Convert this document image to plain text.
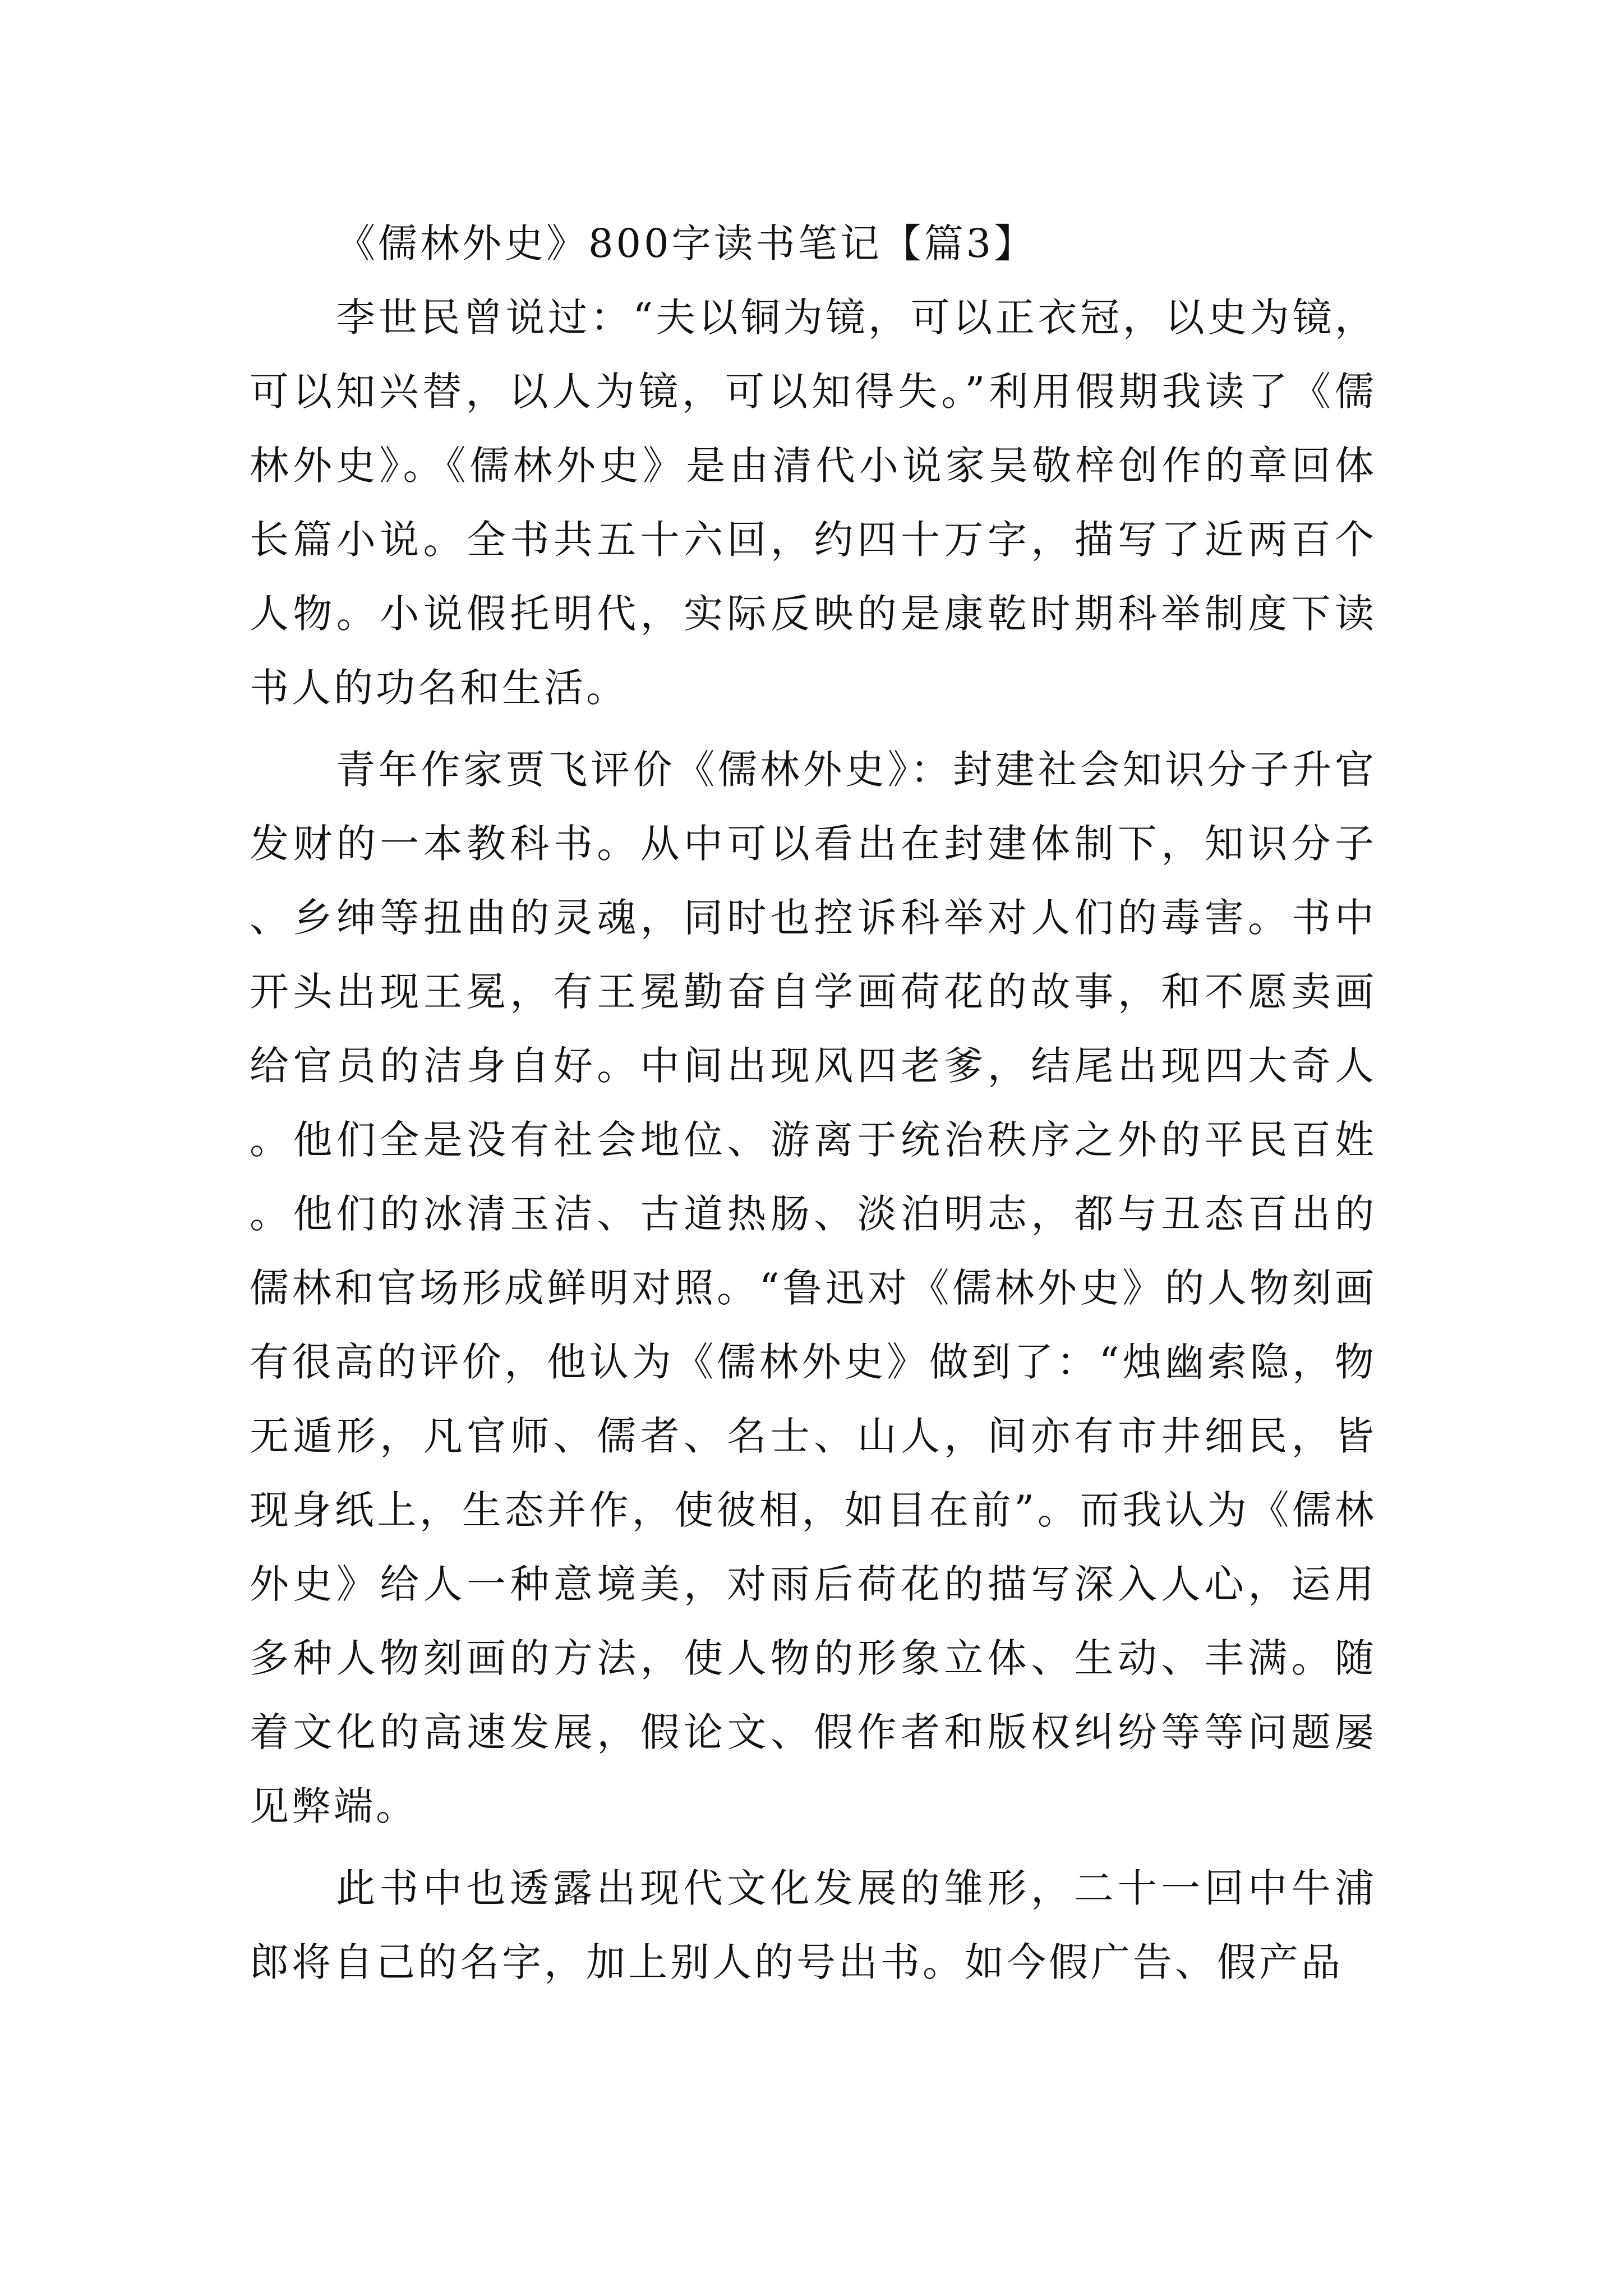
《儒林外史》800字读书笔记【篇3】

李世民曾说过：“夫以铜为镜，可以正衣冠，以史为镜，可以知兴替，以人为镜，可以知得失。”利用假期我读了《儒林外史》。《儒林外史》是由清代小说家吴敬梓创作的章回体长篇小说。全书共五十六回，约四十万字，描写了近两百个人物。小说假托明代，实际反映的是康乾时期科举制度下读书人的功名和生活。

青年作家贾飞评价《儒林外史》：封建社会知识分子升官发财的一本教科书。从中可以看出在封建体制下，知识分子、乡绅等扭曲的灵魂，同时也控诉科举对人们的毒害。书中开头出现王冕，有王冕勤奋自学画荷花的故事，和不愿卖画给官员的洁身自好。中间出现风四老爹，结尾出现四大奇人。他们全是没有社会地位、游离于统治秩序之外的平民百姓。他们的冰清玉洁、古道热肠、淡泊明志，都与丑态百出的儒林和官场形成鲜明对照。“鲁迅对《儒林外史》的人物刻画有很高的评价，他认为《儒林外史》做到了：“烛幽索隐，物无遁形，凡官师、儒者、名士、山人，间亦有市井细民，皆现身纸上，生态并作，使彼相，如目在前”。而我认为《儒林外史》给人一种意境美，对雨后荷花的描写深入人心，运用多种人物刻画的方法，使人物的形象立体、生动、丰满。随着文化的高速发展，假论文、假作者和版权纠纷等等问题屡见弊端。

此书中也透露出现代文化发展的雏形，二十一回中牛浦郎将自己的名字，加上别人的号出书。如今假广告、假产品
